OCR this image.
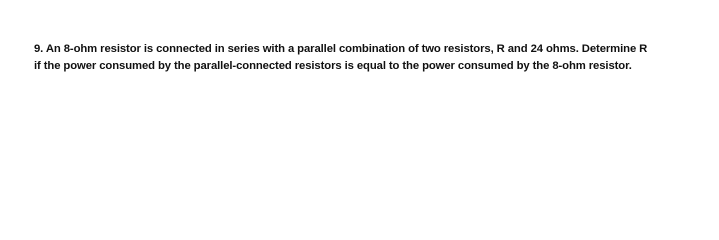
9. An 8-ohm resistor is connected in series with a parallel combination of two resistors, R and 24 ohms. Determine R
if the power consumed by the parallel-connected resistors is equal to the power consumed by the 8-ohm resistor.
